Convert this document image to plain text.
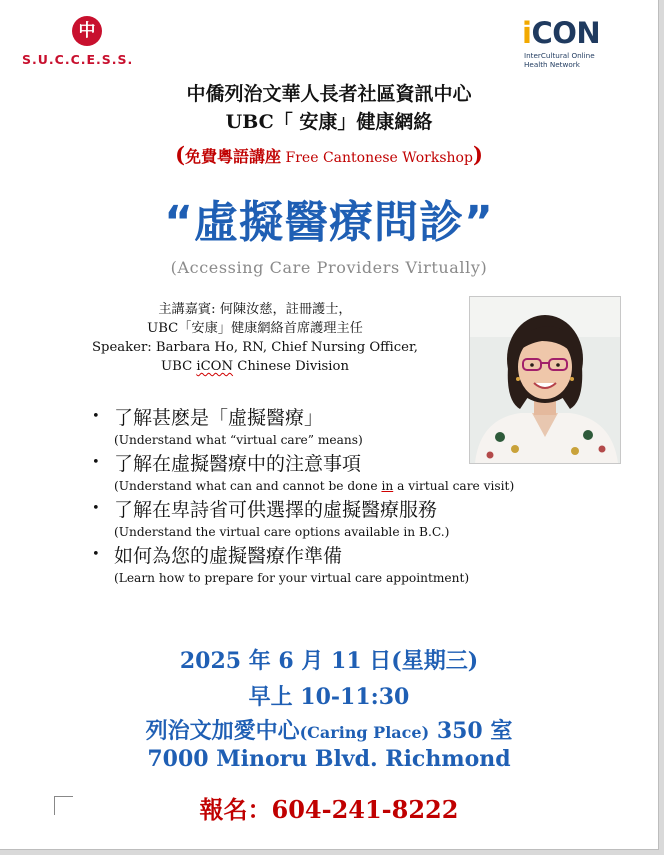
中
S.U.C.C.E.S.S.
iCON
InterCultural Online
Health Network
中僑列治文華人長者社區資訊中心
UBC「 安康」健康網絡
(免費粵語講座 Free Cantonese Workshop)
“虛擬醫療問診”
(Accessing Care Providers Virtually)
主講嘉賓: 何陳汝慈，註冊護士，
UBC「安康」健康網絡首席護理主任
Speaker: Barbara Ho, RN, Chief Nursing Officer,
UBC iCON Chinese Division
• 了解甚麽是「虛擬醫療」
(Understand what “virtual care” means)
• 了解在虛擬醫療中的注意事項
(Understand what can and cannot be done in a virtual care visit)
• 了解在卑詩省可供選擇的虛擬醫療服務
(Understand the virtual care options available in B.C.)
• 如何為您的虛擬醫療作準備
(Learn how to prepare for your virtual care appointment)
2025 年 6 月 11 日(星期三)
早上 10-11:30
列治文加愛中心(Caring Place) 350 室
7000 Minoru Blvd. Richmond
報名：604-241-8222
